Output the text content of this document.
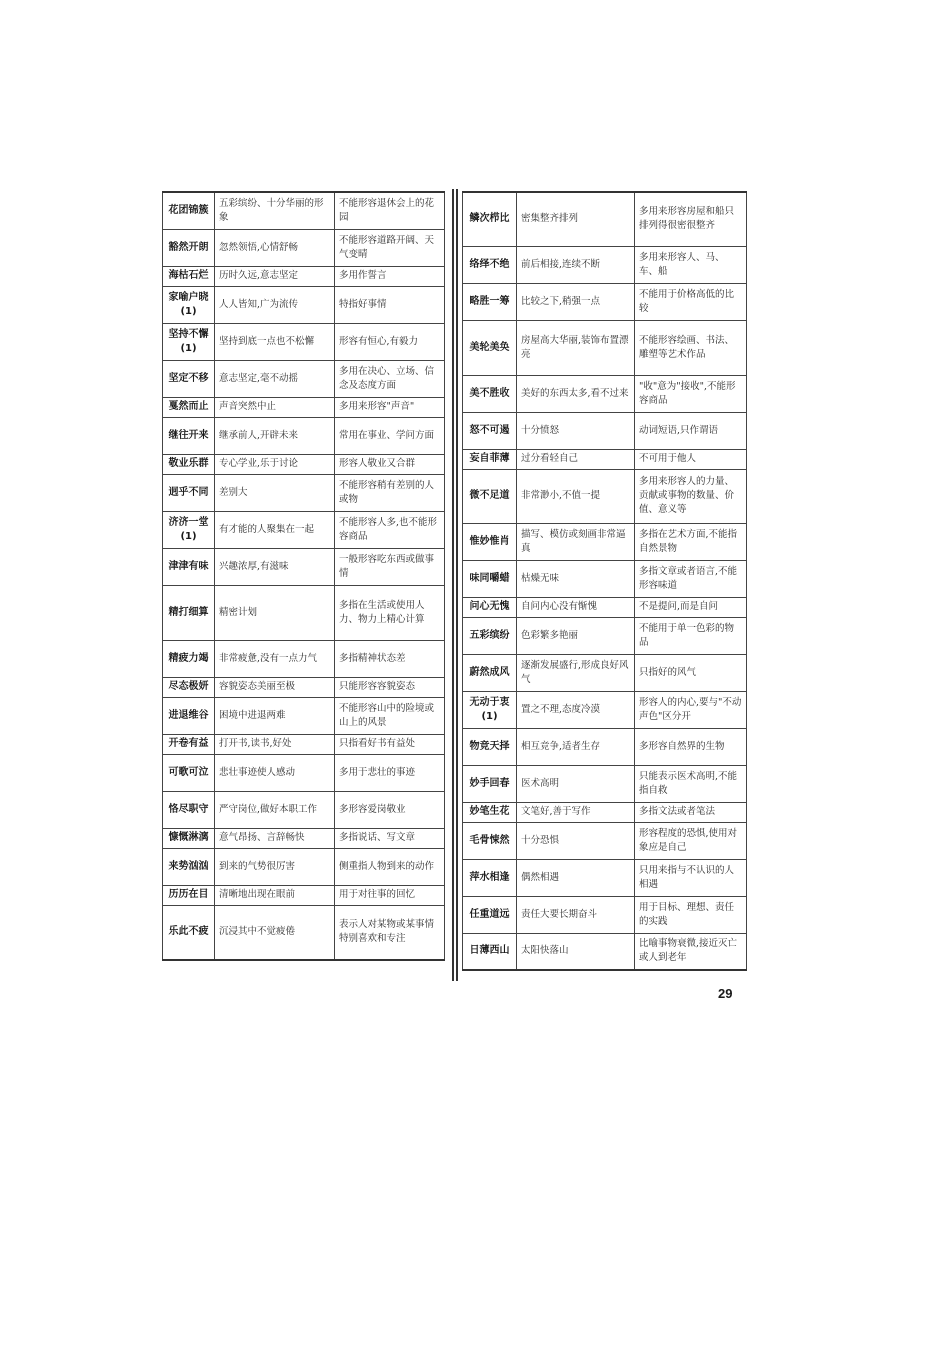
花团锦簇	五彩缤纷、十分华丽的形象	不能形容退休会上的花园
豁然开朗	忽然领悟,心情舒畅	不能形容道路开阔、天气变晴
海枯石烂	历时久远,意志坚定	多用作誓言
家喻户晓(1)	人人皆知,广为流传	特指好事情
坚持不懈(1)	坚持到底一点也不松懈	形容有恒心,有毅力
坚定不移	意志坚定,毫不动摇	多用在决心、立场、信念及态度方面
戛然而止	声音突然中止	多用来形容"声音"
继往开来	继承前人,开辟未来	常用在事业、学问方面
敬业乐群	专心学业,乐于讨论	形容人敬业又合群
迥乎不同	差别大	不能形容稍有差别的人或物
济济一堂(1)	有才能的人聚集在一起	不能形容人多,也不能形容商品
津津有味	兴趣浓厚,有滋味	一般形容吃东西或做事情
精打细算	精密计划	多指在生活或使用人力、物力上精心计算
精疲力竭	非常疲惫,没有一点力气	多指精神状态差
尽态极妍	容貌姿态美丽至极	只能形容容貌姿态
进退维谷	困境中进退两难	不能形容山中的险境或山上的风景
开卷有益	打开书,读书,好处	只指看好书有益处
可歌可泣	悲壮事迹使人感动	多用于悲壮的事迹
恪尽职守	严守岗位,做好本职工作	多形容爱岗敬业
慷慨淋漓	意气昂扬、言辞畅快	多指说话、写文章
来势汹汹	到来的气势很厉害	侧重指人物到来的动作
历历在目	清晰地出现在眼前	用于对往事的回忆
乐此不疲	沉浸其中不觉疲倦	表示人对某物或某事情特别喜欢和专注
鳞次栉比	密集整齐排列	多用来形容房屋和船只排列得很密很整齐
络绎不绝	前后相接,连续不断	多用来形容人、马、车、船
略胜一筹	比较之下,稍强一点	不能用于价格高低的比较
美轮美奂	房屋高大华丽,装饰布置漂亮	不能形容绘画、书法、雕塑等艺术作品
美不胜收	美好的东西太多,看不过来	"收"意为"接收",不能形容商品
怒不可遏	十分愤怒	动词短语,只作谓语
妄自菲薄	过分看轻自己	不可用于他人
微不足道	非常渺小,不值一提	多用来形容人的力量、贡献或事物的数量、价值、意义等
惟妙惟肖	描写、模仿或刻画非常逼真	多指在艺术方面,不能指自然景物
味同嚼蜡	枯燥无味	多指文章或者语言,不能形容味道
问心无愧	自问内心没有惭愧	不是提问,而是自问
五彩缤纷	色彩繁多艳丽	不能用于单一色彩的物品
蔚然成风	逐渐发展盛行,形成良好风气	只指好的风气
无动于衷(1)	置之不理,态度冷漠	形容人的内心,要与"不动声色"区分开
物竞天择	相互竞争,适者生存	多形容自然界的生物
妙手回春	医术高明	只能表示医术高明,不能指自救
妙笔生花	文笔好,善于写作	多指文法或者笔法
毛骨悚然	十分恐惧	形容程度的恐惧,使用对象应是自己
萍水相逢	偶然相遇	只用来指与不认识的人相遇
任重道远	责任大要长期奋斗	用于目标、理想、责任的实践
日薄西山	太阳快落山	比喻事物衰微,接近灭亡或人到老年
29
